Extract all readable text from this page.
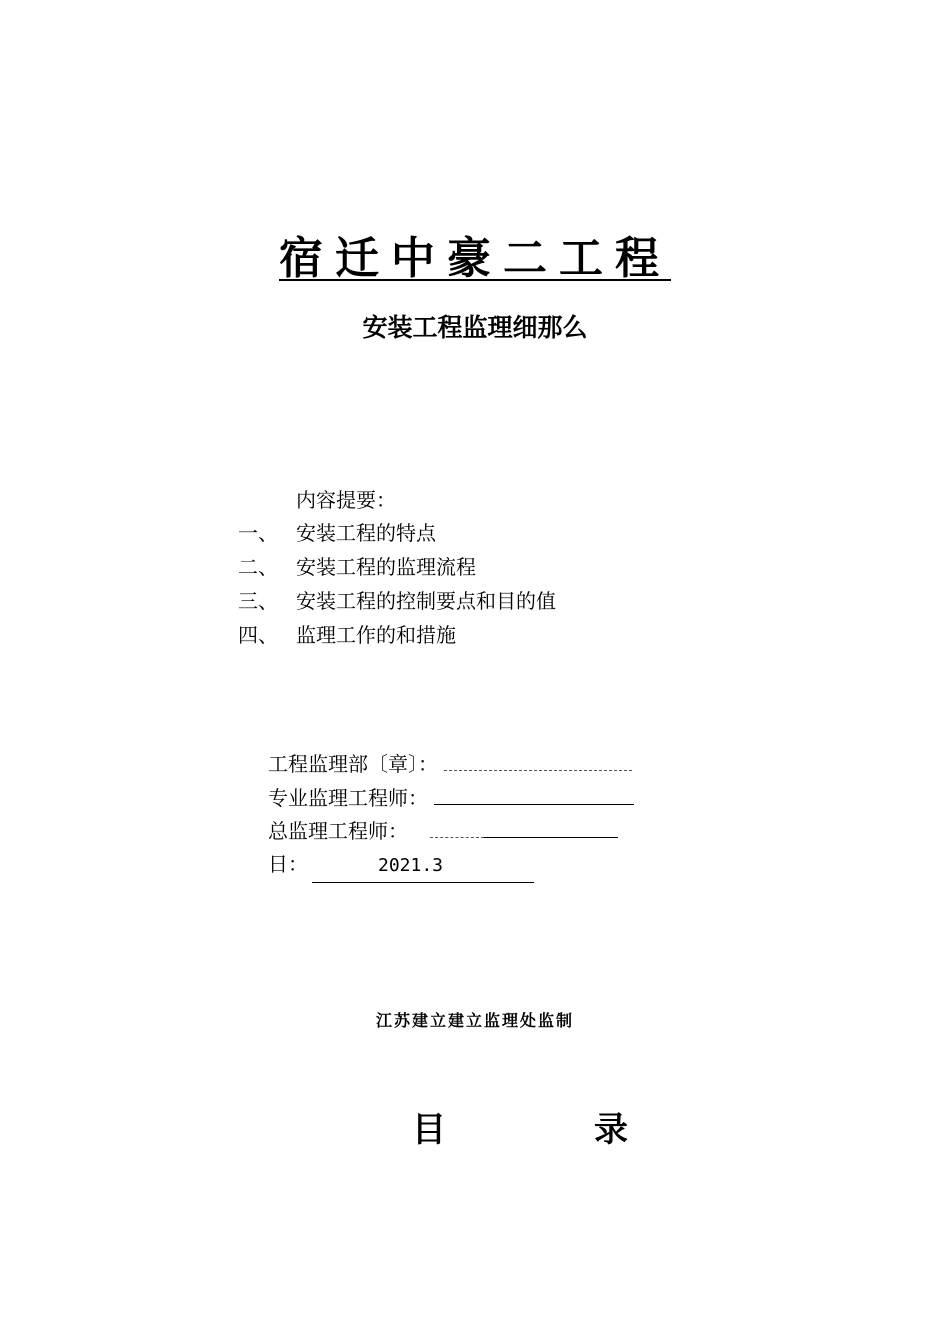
宿迁中豪二工程
安装工程监理细那么
内容提要：
一、 安装工程的特点
二、 安装工程的监理流程
三、 安装工程的控制要点和目的值
四、 监理工作的和措施
工程监理部〔章〕：
专业监理工程师：
总监理工程师：
日：	2021.3
江苏建立建立监理处监制
目	录
